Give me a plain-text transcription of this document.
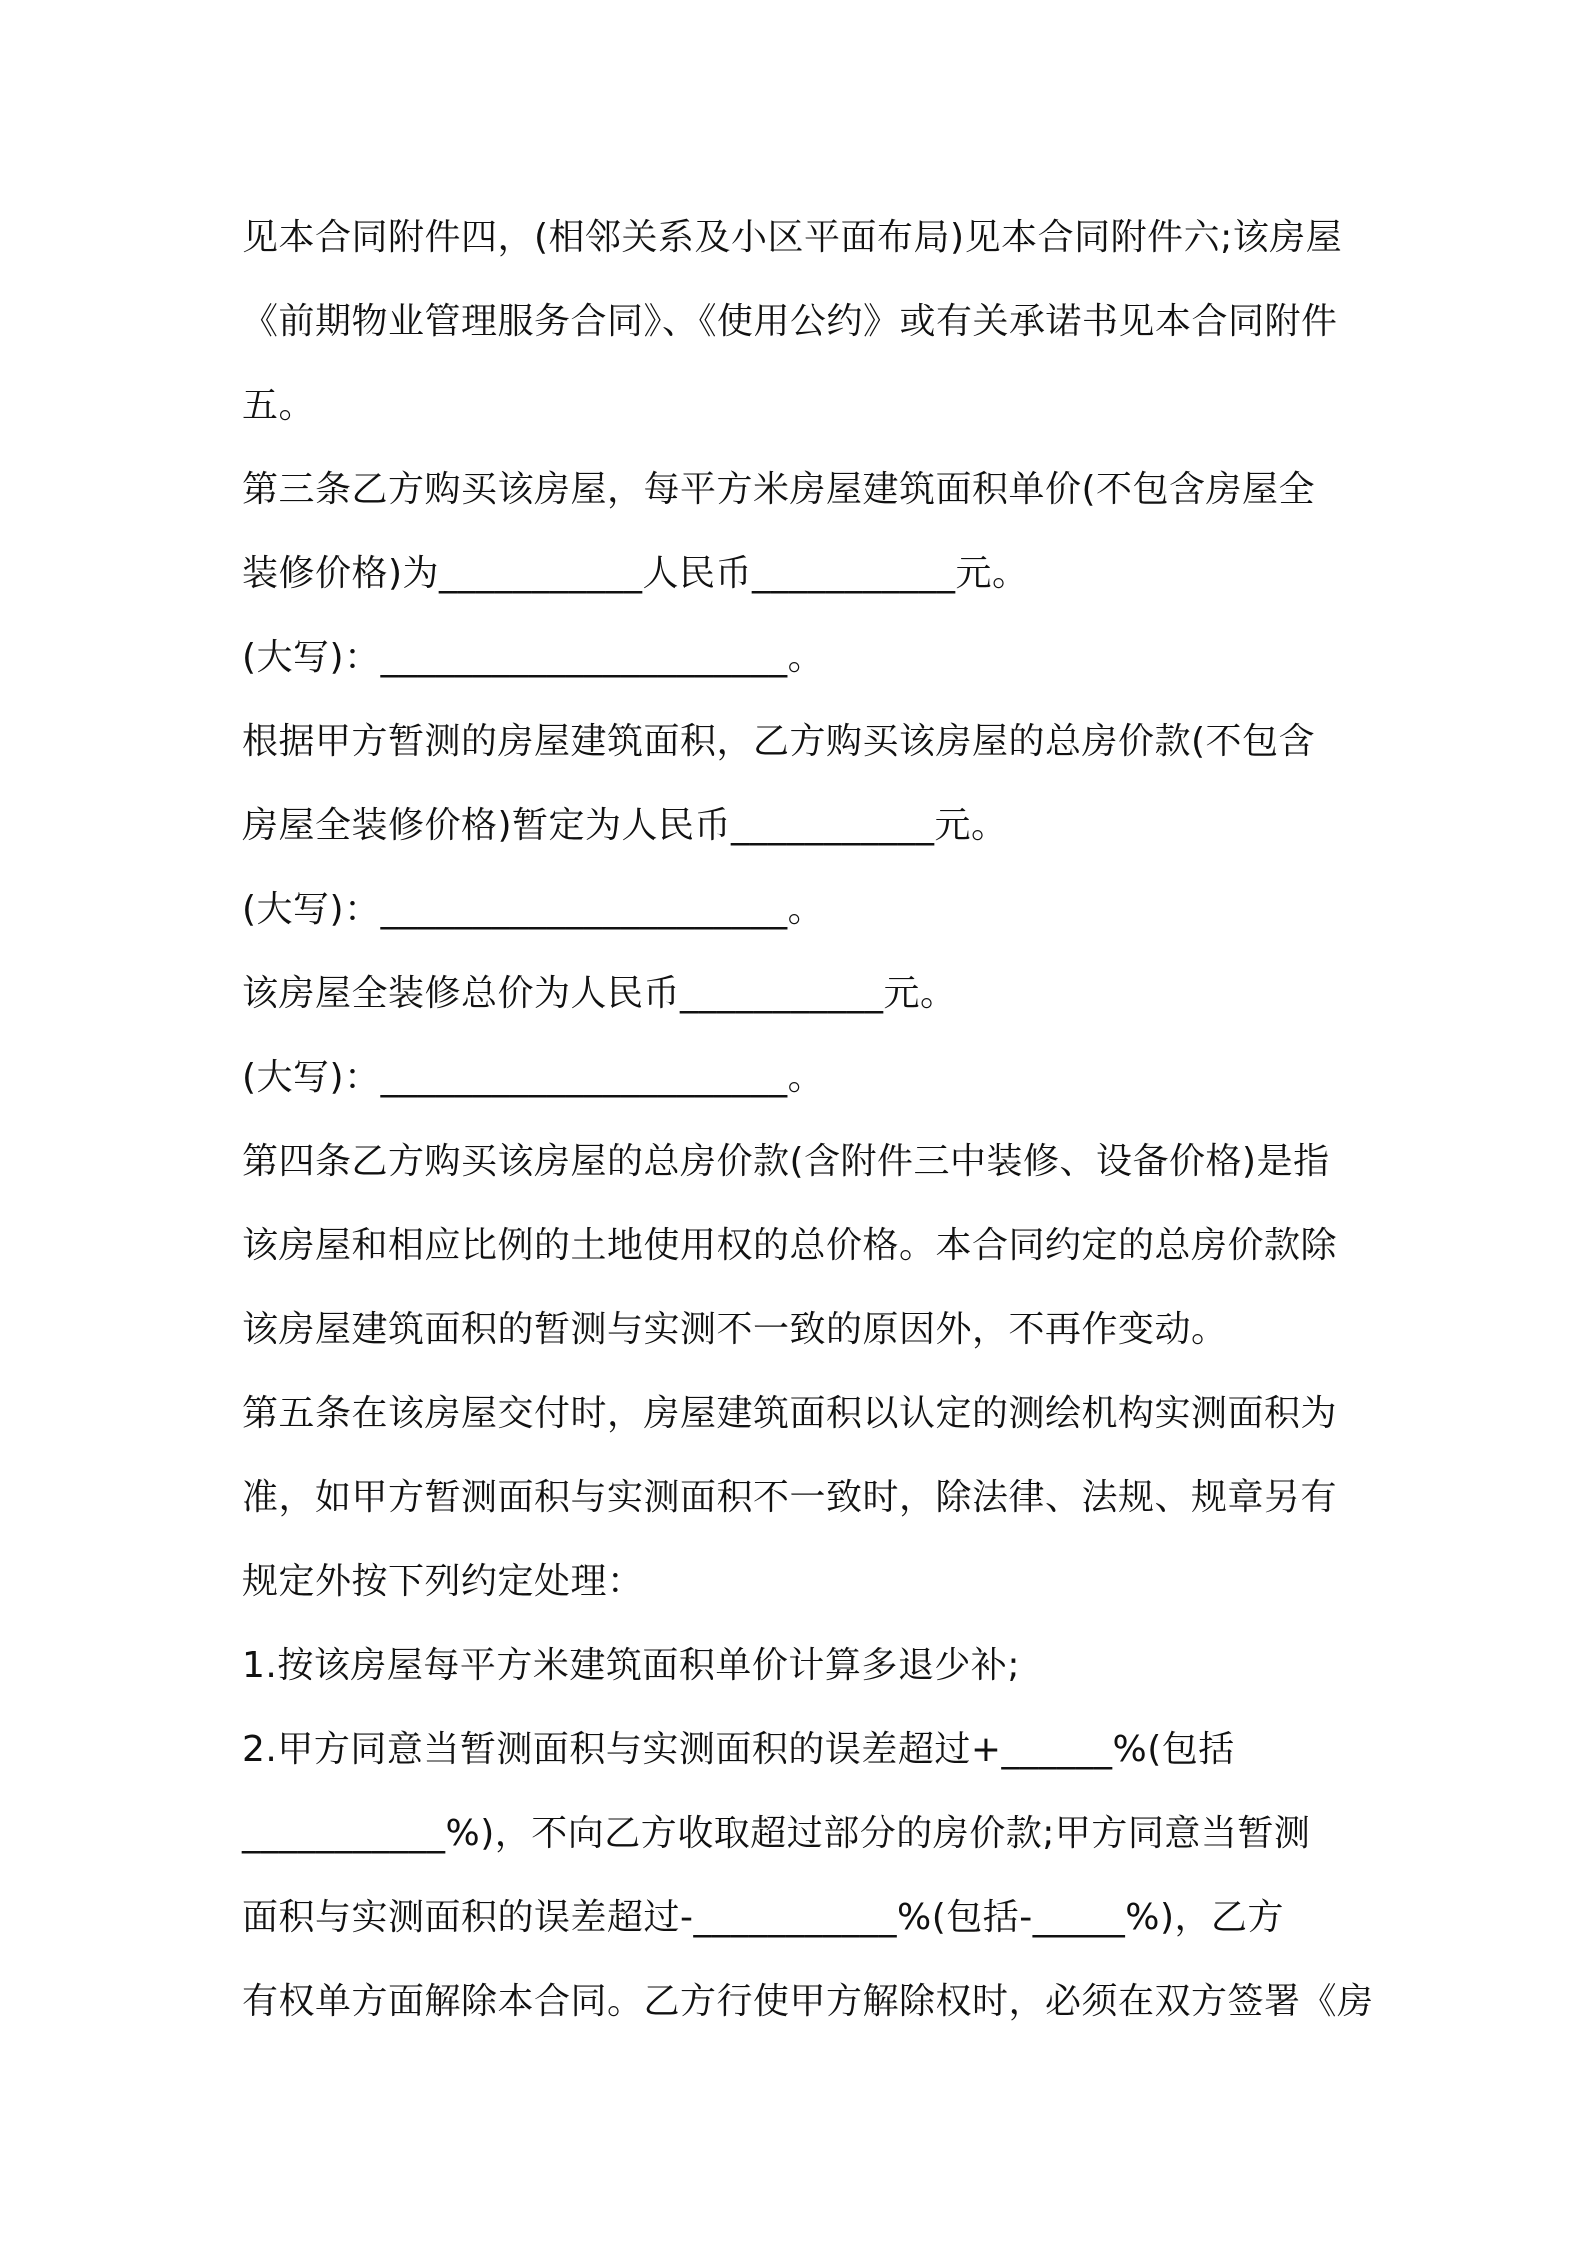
见本合同附件四，(相邻关系及小区平面布局)见本合同附件六;该房屋
《前期物业管理服务合同》、《使用公约》或有关承诺书见本合同附件
五。
第三条乙方购买该房屋，每平方米房屋建筑面积单价(不包含房屋全
装修价格)为___________人民币___________元。
(大写)：______________________。
根据甲方暂测的房屋建筑面积，乙方购买该房屋的总房价款(不包含
房屋全装修价格)暂定为人民币___________元。
(大写)：______________________。
该房屋全装修总价为人民币___________元。
(大写)：______________________。
第四条乙方购买该房屋的总房价款(含附件三中装修、设备价格)是指
该房屋和相应比例的土地使用权的总价格。本合同约定的总房价款除
该房屋建筑面积的暂测与实测不一致的原因外，不再作变动。
第五条在该房屋交付时，房屋建筑面积以认定的测绘机构实测面积为
准，如甲方暂测面积与实测面积不一致时，除法律、法规、规章另有
规定外按下列约定处理：
1.按该房屋每平方米建筑面积单价计算多退少补;
2.甲方同意当暂测面积与实测面积的误差超过+______%(包括
___________%)，不向乙方收取超过部分的房价款;甲方同意当暂测
面积与实测面积的误差超过-___________%(包括-_____%)，乙方
有权单方面解除本合同。乙方行使甲方解除权时，必须在双方签署《房
